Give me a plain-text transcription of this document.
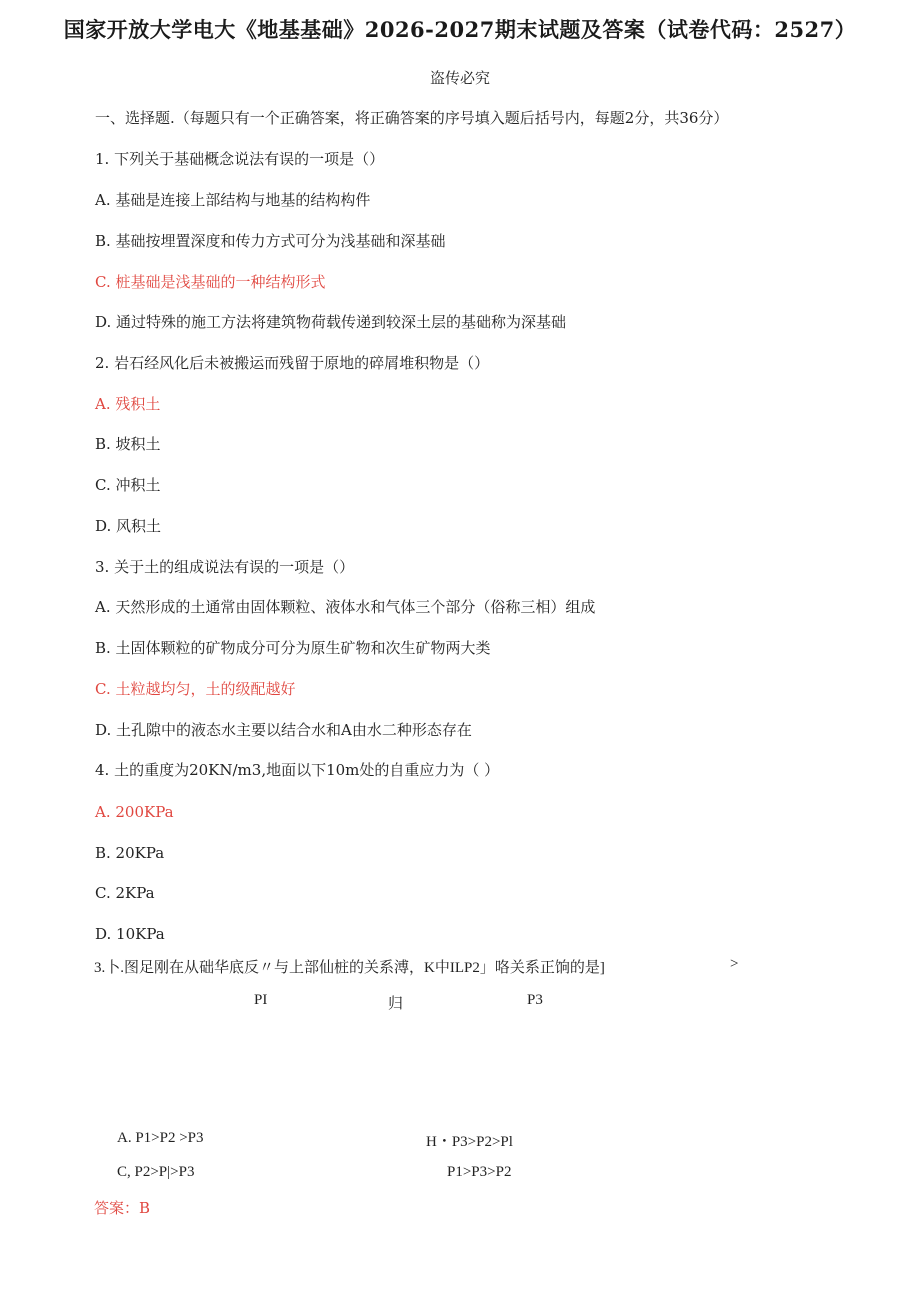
国家开放大学电大《地基基础》2026-2027期末试题及答案（试卷代码：2527）
盗传必究
一、选择题.（每题只有一个正确答案，将正确答案的序号填入题后括号内，每题2分，共36分）
1. 下列关于基础概念说法有误的一项是（）
A. 基础是连接上部结构与地基的结构构件
B. 基础按埋置深度和传力方式可分为浅基础和深基础
C. 桩基础是浅基础的一种结构形式
D. 通过特殊的施工方法将建筑物荷载传递到较深土层的基础称为深基础
2. 岩石经风化后未被搬运而残留于原地的碎屑堆积物是（）
A. 残积土
B. 坡积土
C. 冲积土
D. 风积土
3. 关于土的组成说法有误的一项是（）
A. 天然形成的土通常由固体颗粒、液体水和气体三个部分（俗称三相）组成
B. 土固体颗粒的矿物成分可分为原生矿物和次生矿物两大类
C. 土粒越均匀，土的级配越好
D. 土孔隙中的液态水主要以结合水和A由水二种形态存在
4. 土的重度为20KN/m3,地面以下10m处的自重应力为（ ）
A. 200KPa
B. 20KPa
C. 2KPa
D. 10KPa
3.卜.图足刚在从础华底反〃与上部仙桩的关系溥，K中ILP2」咯关系正饷的是]	>
PI	归	P3
A. P1>P2 >P3	H・P3>P2>Pl
C, P2>P|>P3	P1>P3>P2
答案：B
